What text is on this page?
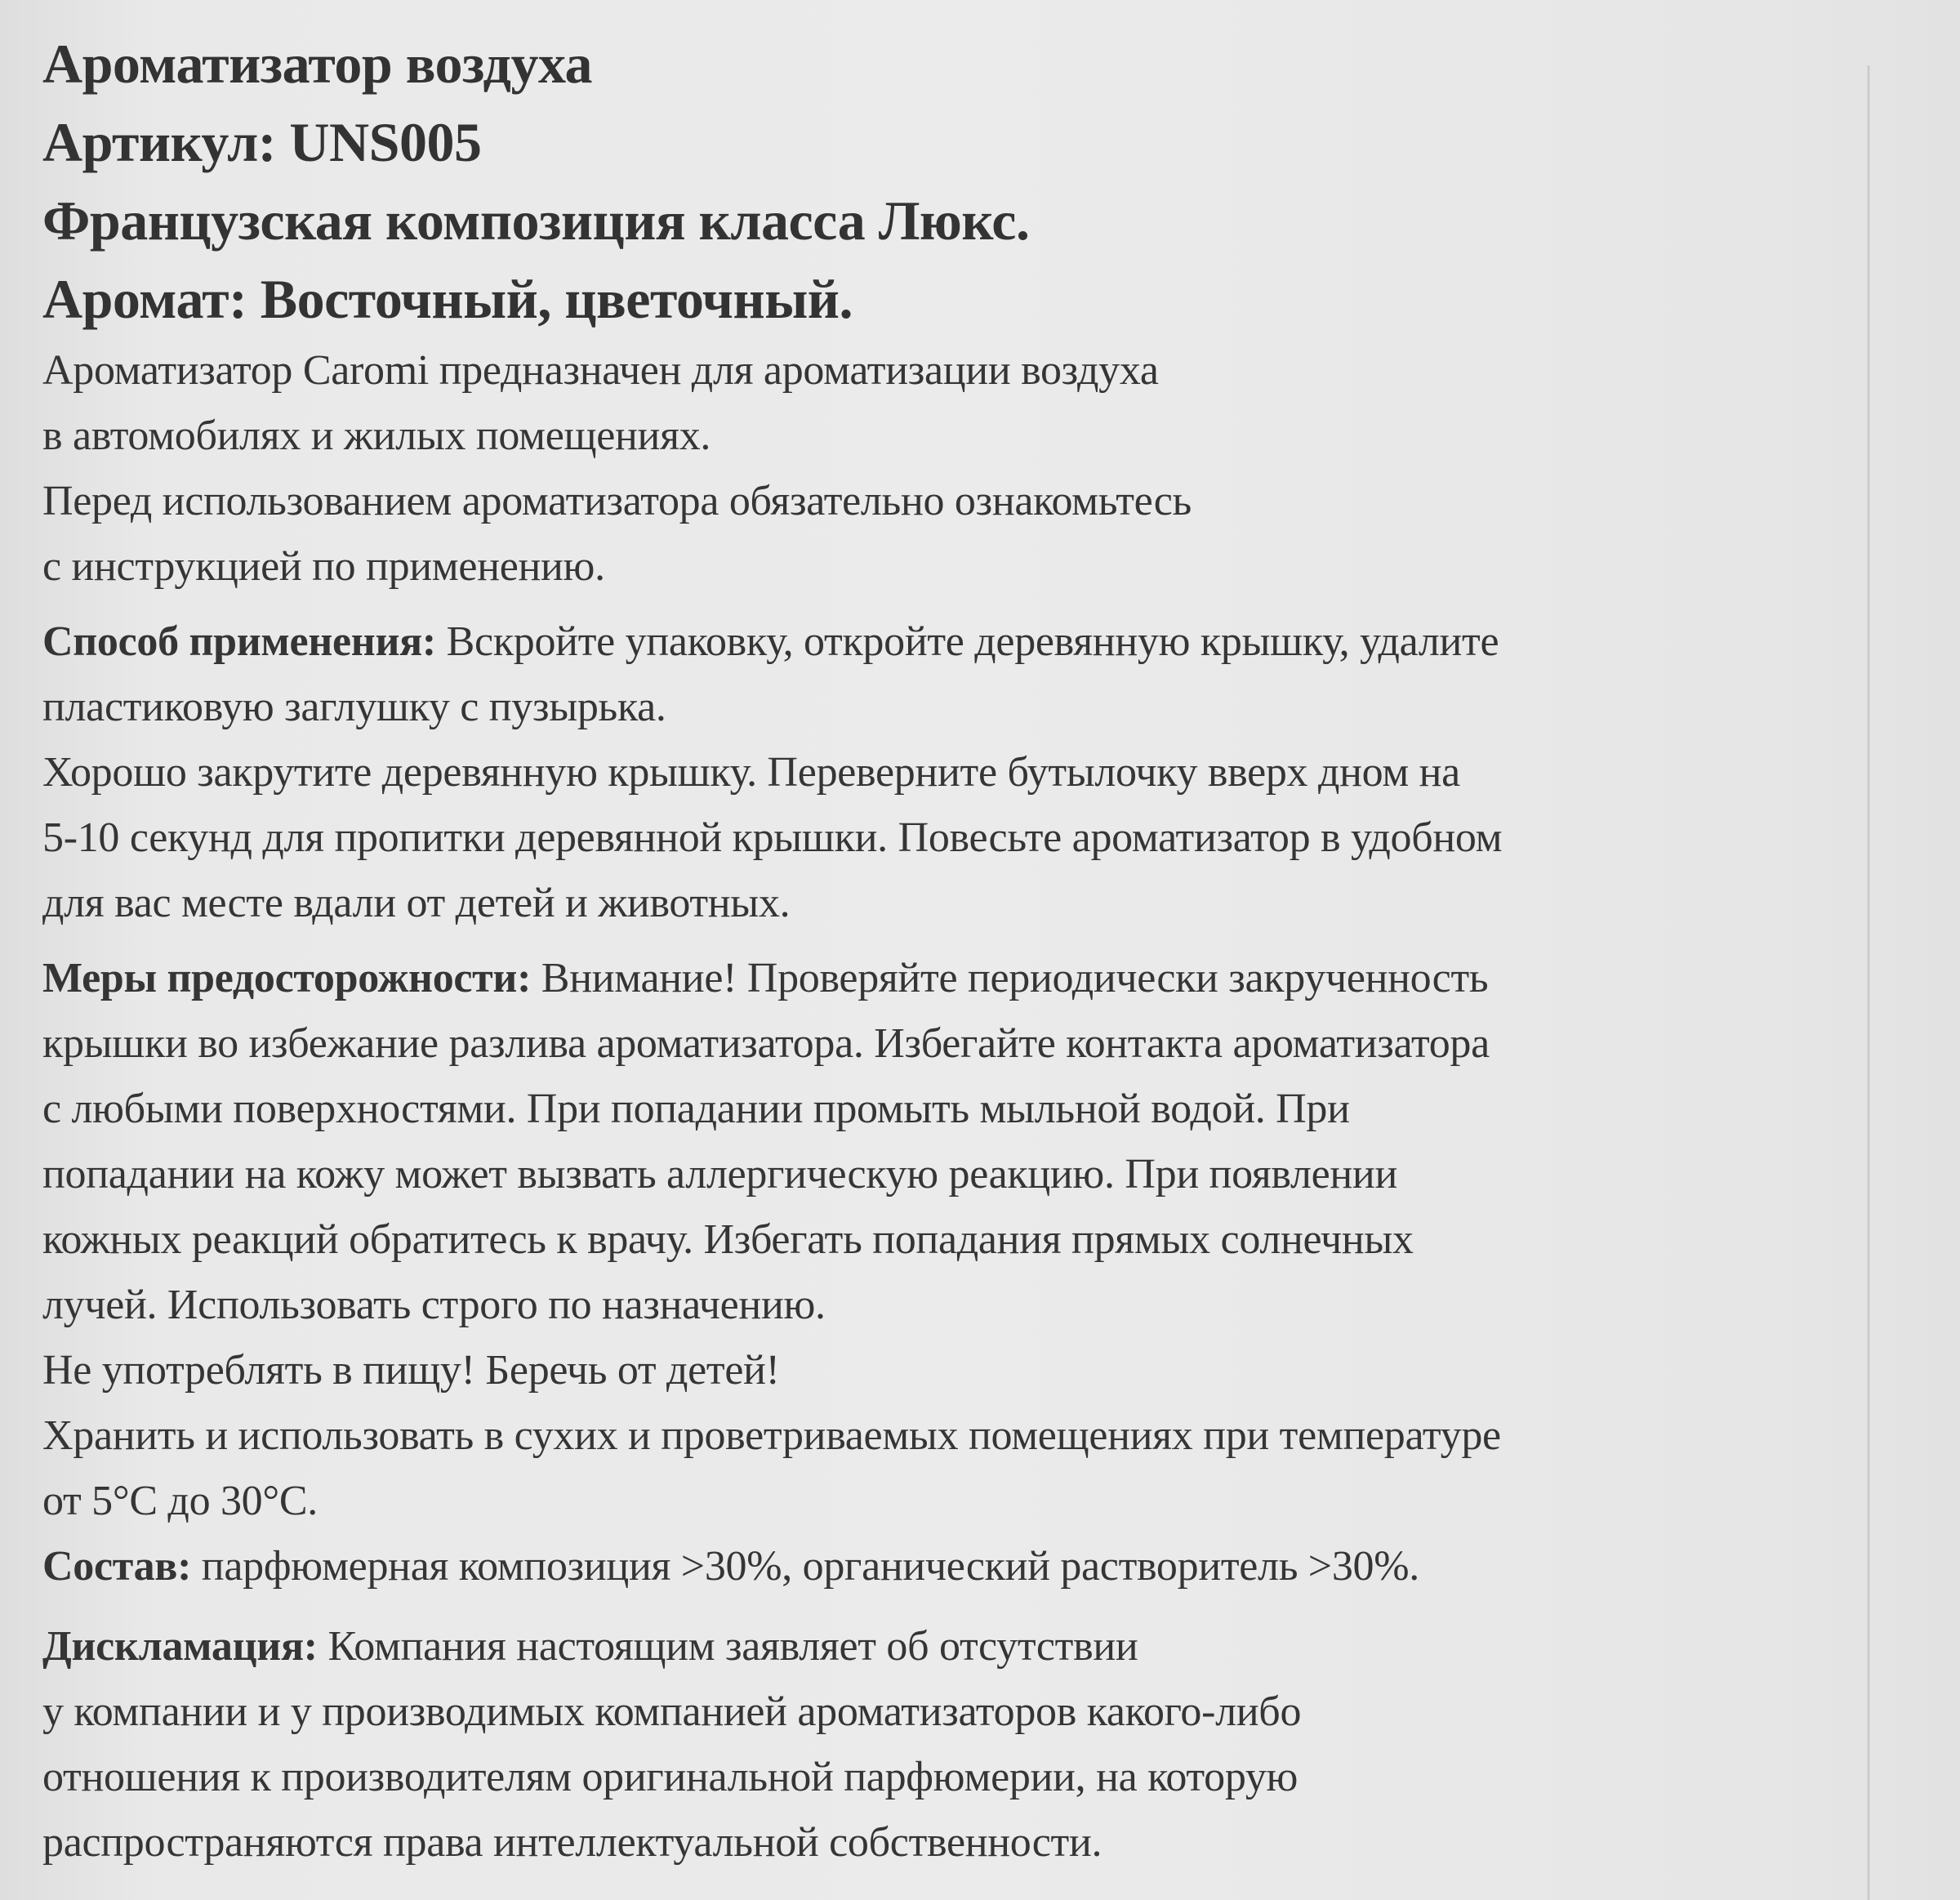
Ароматизатор воздуха
Артикул: UNS005
Французская композиция класса Люкс.
Аромат: Восточный, цветочный.
Ароматизатор Caromi предназначен для ароматизации воздуха
в автомобилях и жилых помещениях.
Перед использованием ароматизатора обязательно ознакомьтесь
с инструкцией по применению.
Способ применения: Вскройте упаковку, откройте деревянную крышку, удалите
пластиковую заглушку с пузырька.
Хорошо закрутите деревянную крышку. Переверните бутылочку вверх дном на
5-10 секунд для пропитки деревянной крышки. Повесьте ароматизатор в удобном
для вас месте вдали от детей и животных.
Меры предосторожности: Внимание! Проверяйте периодически закрученность
крышки во избежание разлива ароматизатора. Избегайте контакта ароматизатора
с любыми поверхностями. При попадании промыть мыльной водой. При
попадании на кожу может вызвать аллергическую реакцию. При появлении
кожных реакций обратитесь к врачу. Избегать попадания прямых солнечных
лучей. Использовать строго по назначению.
Не употреблять в пищу! Беречь от детей!
Хранить и использовать в сухих и проветриваемых помещениях при температуре
от 5°C до 30°C.
Состав: парфюмерная композиция >30%, органический растворитель >30%.
Дискламация: Компания настоящим заявляет об отсутствии
у компании и у производимых компанией ароматизаторов какого-либо
отношения к производителям оригинальной парфюмерии, на которую
распространяются права интеллектуальной собственности.
